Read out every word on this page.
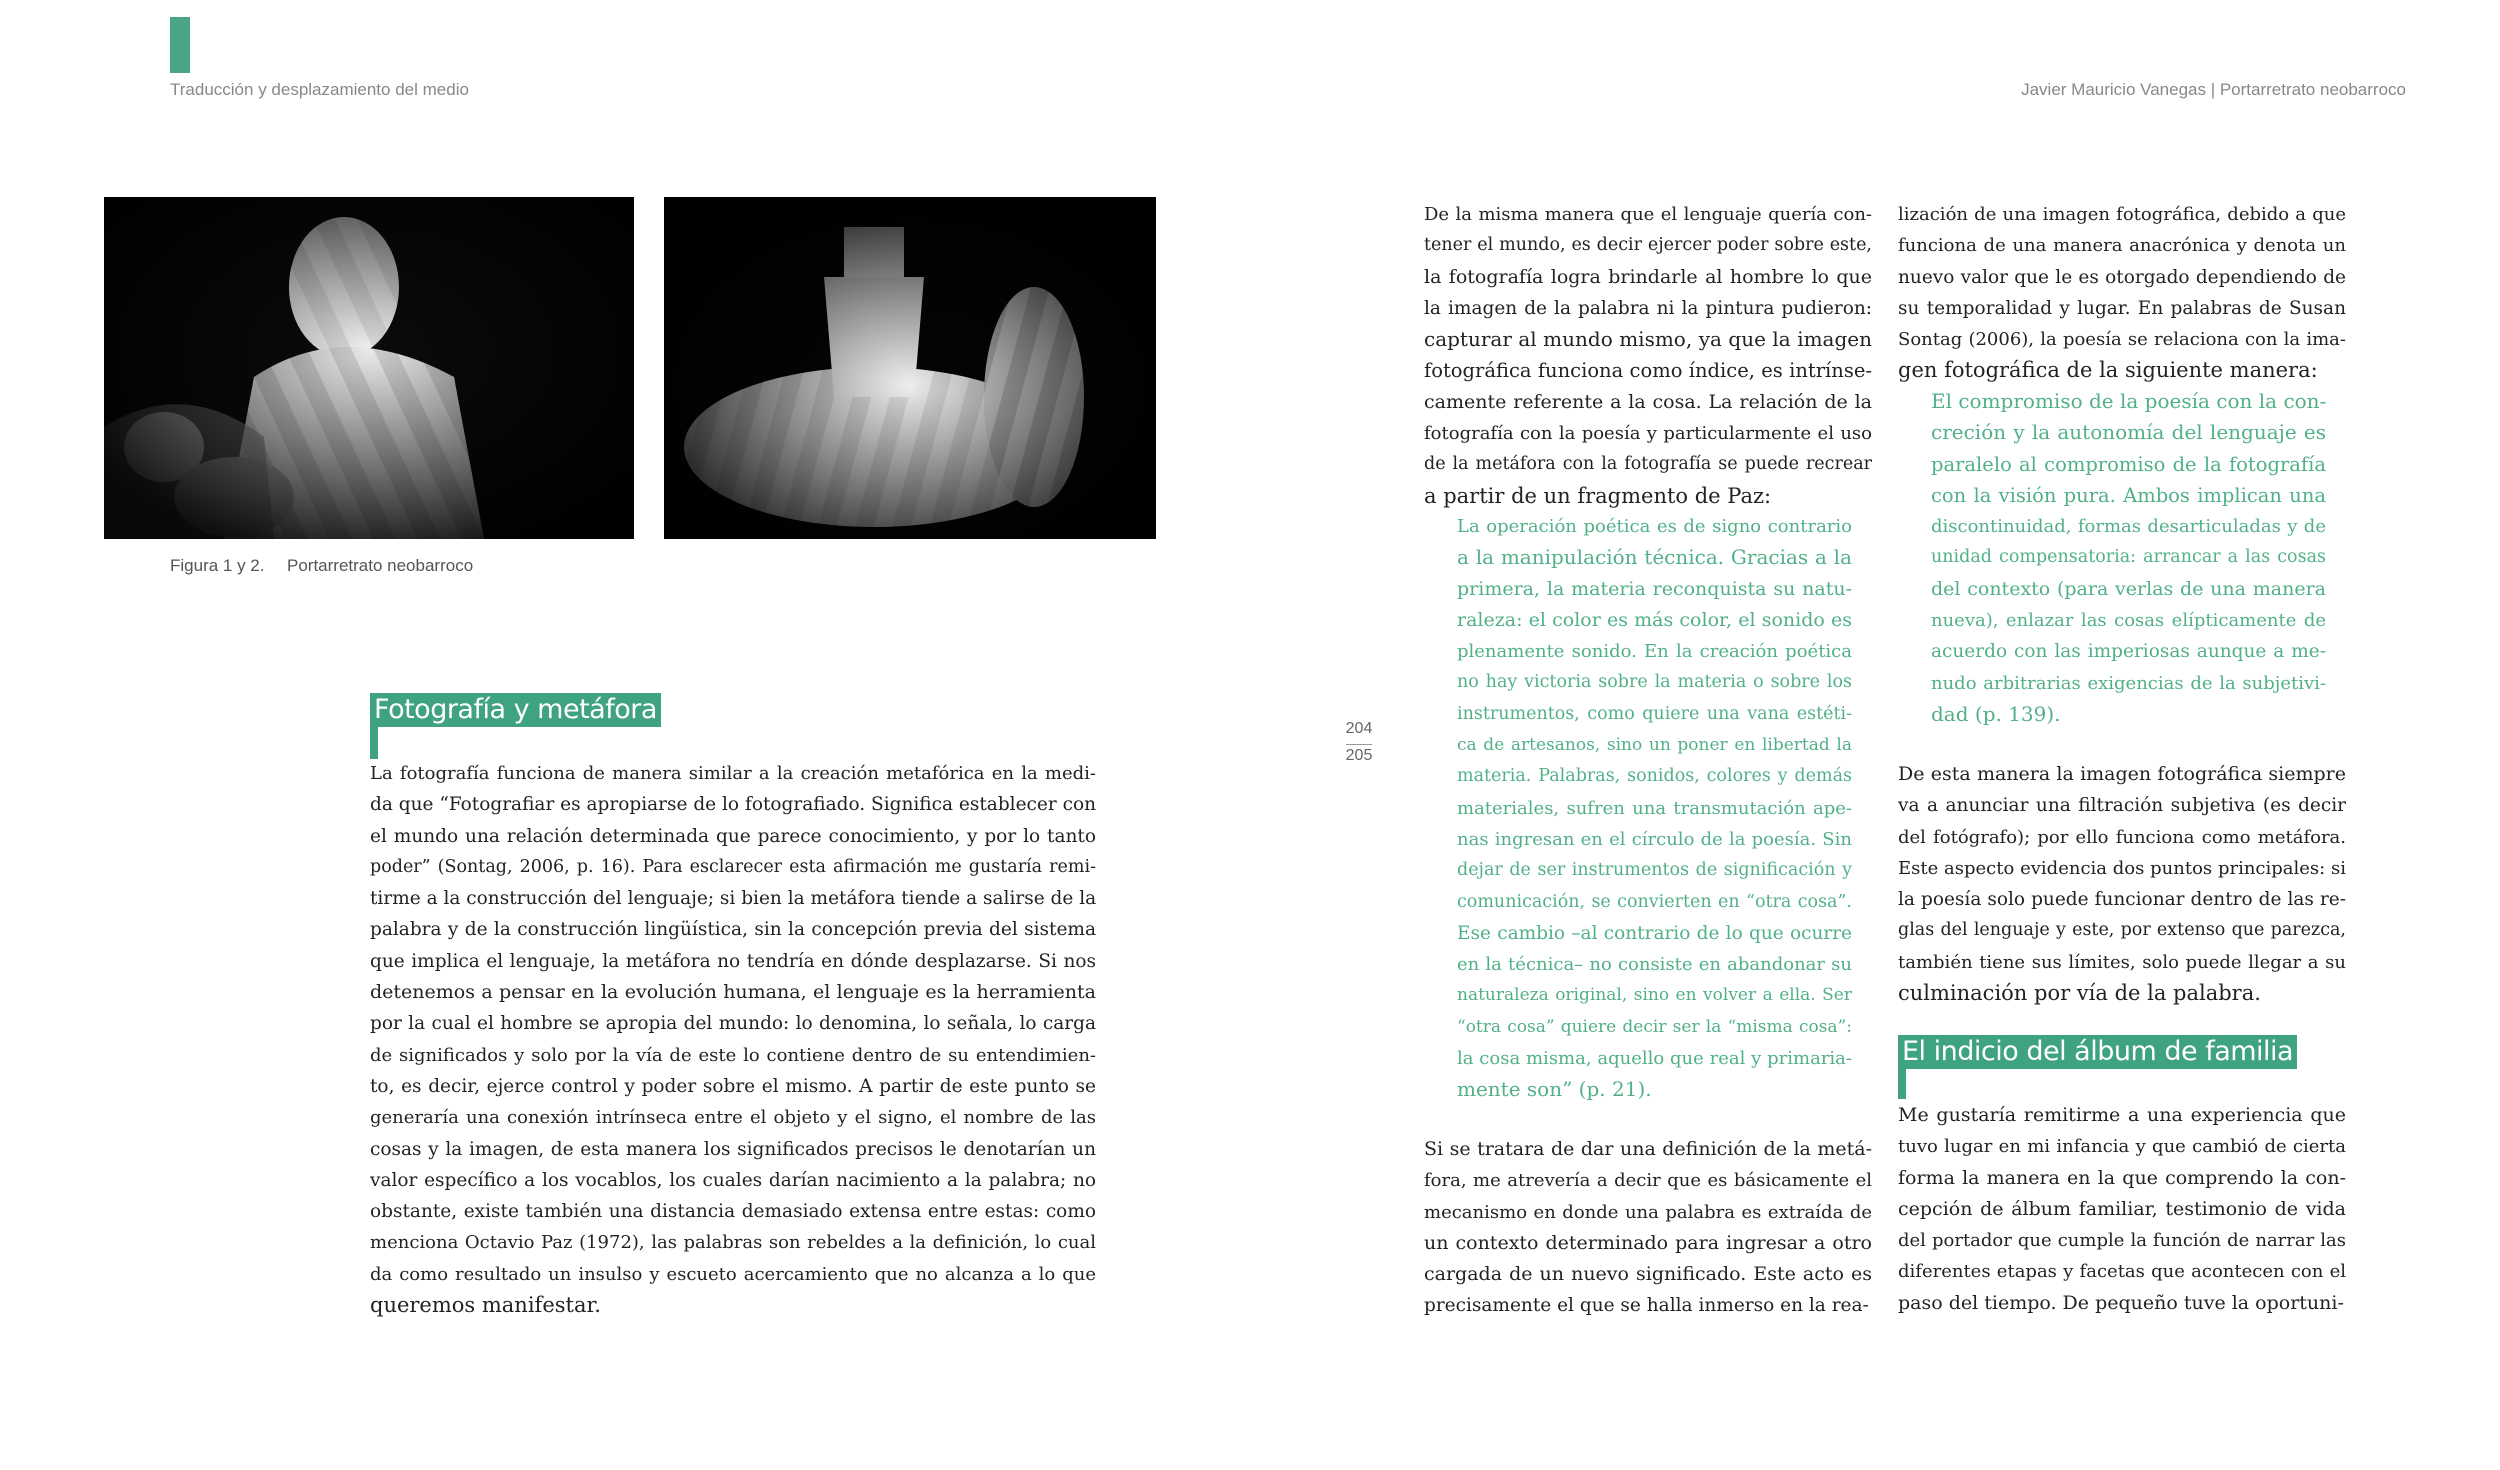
Traducción y desplazamiento del medio	Javier Mauricio Vanegas | Portarretrato neobarroco
Figura 1 y 2. Portarretrato neobarroco
Fotografía y metáfora
La fotografía funciona de manera similar a la creación metafórica en la medi-
da que “Fotografiar es apropiarse de lo fotografiado. Significa establecer con
el mundo una relación determinada que parece conocimiento, y por lo tanto
poder” (Sontag, 2006, p. 16). Para esclarecer esta afirmación me gustaría remi-
tirme a la construcción del lenguaje; si bien la metáfora tiende a salirse de la
palabra y de la construcción lingüística, sin la concepción previa del sistema
que implica el lenguaje, la metáfora no tendría en dónde desplazarse. Si nos
detenemos a pensar en la evolución humana, el lenguaje es la herramienta
por la cual el hombre se apropia del mundo: lo denomina, lo señala, lo carga
de significados y solo por la vía de este lo contiene dentro de su entendimien-
to, es decir, ejerce control y poder sobre el mismo. A partir de este punto se
generaría una conexión intrínseca entre el objeto y el signo, el nombre de las
cosas y la imagen, de esta manera los significados precisos le denotarían un
valor específico a los vocablos, los cuales darían nacimiento a la palabra; no
obstante, existe también una distancia demasiado extensa entre estas: como
menciona Octavio Paz (1972), las palabras son rebeldes a la definición, lo cual
da como resultado un insulso y escueto acercamiento que no alcanza a lo que
queremos manifestar.
204
205
De la misma manera que el lenguaje quería con-
tener el mundo, es decir ejercer poder sobre este,
la fotografía logra brindarle al hombre lo que
la imagen de la palabra ni la pintura pudieron:
capturar al mundo mismo, ya que la imagen
fotográfica funciona como índice, es intrínse-
camente referente a la cosa. La relación de la
fotografía con la poesía y particularmente el uso
de la metáfora con la fotografía se puede recrear
a partir de un fragmento de Paz:
La operación poética es de signo contrario
a la manipulación técnica. Gracias a la
primera, la materia reconquista su natu-
raleza: el color es más color, el sonido es
plenamente sonido. En la creación poética
no hay victoria sobre la materia o sobre los
instrumentos, como quiere una vana estéti-
ca de artesanos, sino un poner en libertad la
materia. Palabras, sonidos, colores y demás
materiales, sufren una transmutación ape-
nas ingresan en el círculo de la poesía. Sin
dejar de ser instrumentos de significación y
comunicación, se convierten en “otra cosa”.
Ese cambio –al contrario de lo que ocurre
en la técnica– no consiste en abandonar su
naturaleza original, sino en volver a ella. Ser
“otra cosa” quiere decir ser la “misma cosa”:
la cosa misma, aquello que real y primaria-
mente son” (p. 21).
Si se tratara de dar una definición de la metá-
fora, me atrevería a decir que es básicamente el
mecanismo en donde una palabra es extraída de
un contexto determinado para ingresar a otro
cargada de un nuevo significado. Este acto es
precisamente el que se halla inmerso en la rea-
lización de una imagen fotográfica, debido a que
funciona de una manera anacrónica y denota un
nuevo valor que le es otorgado dependiendo de
su temporalidad y lugar. En palabras de Susan
Sontag (2006), la poesía se relaciona con la ima-
gen fotográfica de la siguiente manera:
El compromiso de la poesía con la con-
creción y la autonomía del lenguaje es
paralelo al compromiso de la fotografía
con la visión pura. Ambos implican una
discontinuidad, formas desarticuladas y de
unidad compensatoria: arrancar a las cosas
del contexto (para verlas de una manera
nueva), enlazar las cosas elípticamente de
acuerdo con las imperiosas aunque a me-
nudo arbitrarias exigencias de la subjetivi-
dad (p. 139).
De esta manera la imagen fotográfica siempre
va a anunciar una filtración subjetiva (es decir
del fotógrafo); por ello funciona como metáfora.
Este aspecto evidencia dos puntos principales: si
la poesía solo puede funcionar dentro de las re-
glas del lenguaje y este, por extenso que parezca,
también tiene sus límites, solo puede llegar a su
culminación por vía de la palabra.
El indicio del álbum de familia
Me gustaría remitirme a una experiencia que
tuvo lugar en mi infancia y que cambió de cierta
forma la manera en la que comprendo la con-
cepción de álbum familiar, testimonio de vida
del portador que cumple la función de narrar las
diferentes etapas y facetas que acontecen con el
paso del tiempo. De pequeño tuve la oportuni-
